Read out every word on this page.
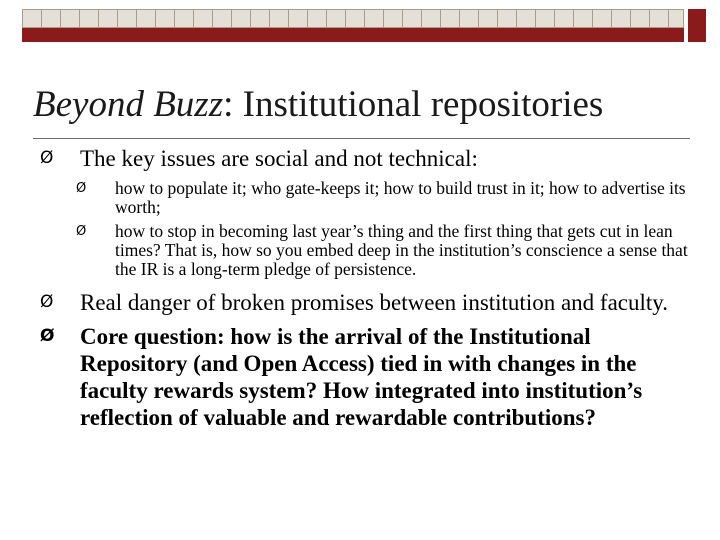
Beyond Buzz: Institutional repositories
Ø The key issues are social and not technical:
Ø how to populate it; who gate-keeps it; how to build trust in it; how to advertise its worth;
Ø how to stop in becoming last year’s thing and the first thing that gets cut in lean times? That is, how so you embed deep in the institution’s conscience a sense that the IR is a long-term pledge of persistence.
Ø Real danger of broken promises between institution and faculty.
Ø Core question: how is the arrival of the Institutional Repository (and Open Access) tied in with changes in the faculty rewards system? How integrated into institution’s reflection of valuable and rewardable contributions?
